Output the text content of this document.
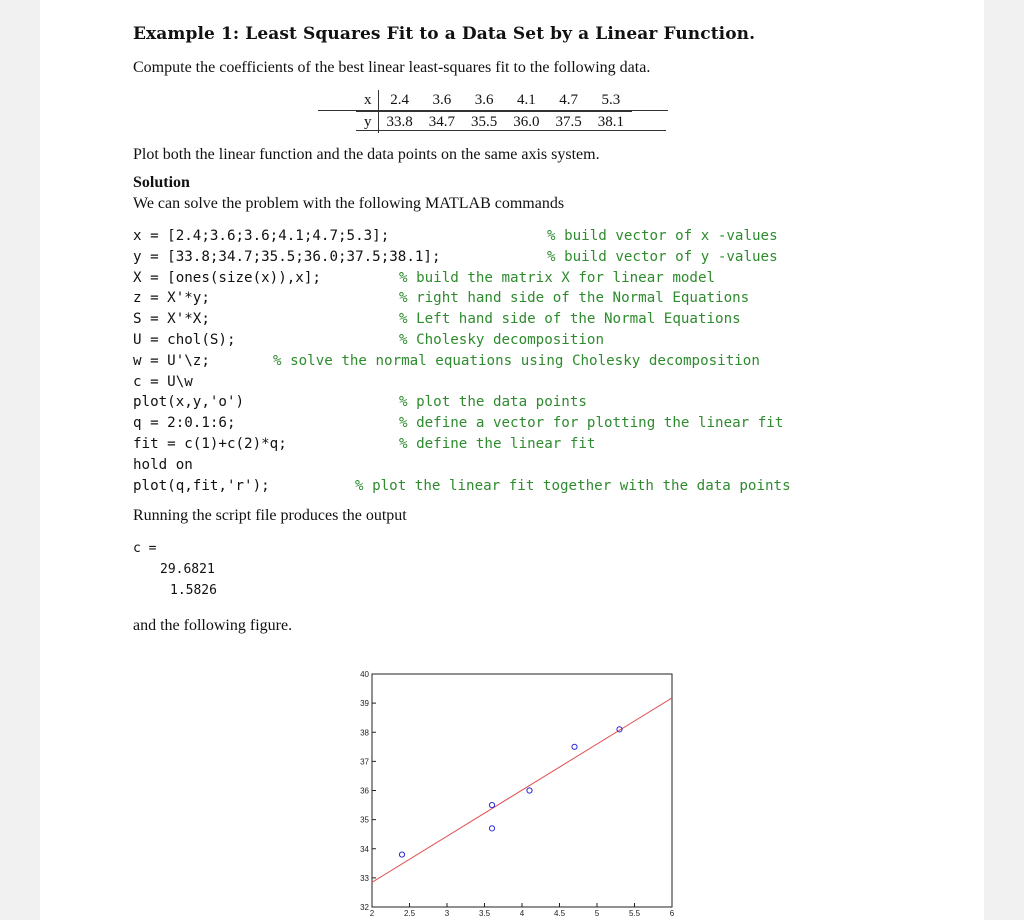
Example 1: Least Squares Fit to a Data Set by a Linear Function.
Compute the coefficients of the best linear least-squares fit to the following data.
x	2.4	3.6	3.6	4.1	4.7	5.3
y	33.8	34.7	35.5	36.0	37.5	38.1
Plot both the linear function and the data points on the same axis system.
Solution
We can solve the problem with the following MATLAB commands
x = [2.4;3.6;3.6;4.1;4.7;5.3];	% build vector of x -values
y = [33.8;34.7;35.5;36.0;37.5;38.1];	% build vector of y -values
X = [ones(size(x)),x];	% build the matrix X for linear model
z = X'*y;	% right hand side of the Normal Equations
S = X'*X;	% Left hand side of the Normal Equations
U = chol(S);	% Cholesky decomposition
w = U'\z;	% solve the normal equations using Cholesky decomposition
c = U\w
plot(x,y,'o')	% plot the data points
q = 2:0.1:6;	% define a vector for plotting the linear fit
fit = c(1)+c(2)*q;	% define the linear fit
hold on
plot(q,fit,'r');	% plot the linear fit together with the data points
Running the script file produces the output
c =
29.6821
1.5826
and the following figure.
32
33
34
35
36
37
38
39
40
2	2.5	3	3.5	4	4.5	5	5.5	6
